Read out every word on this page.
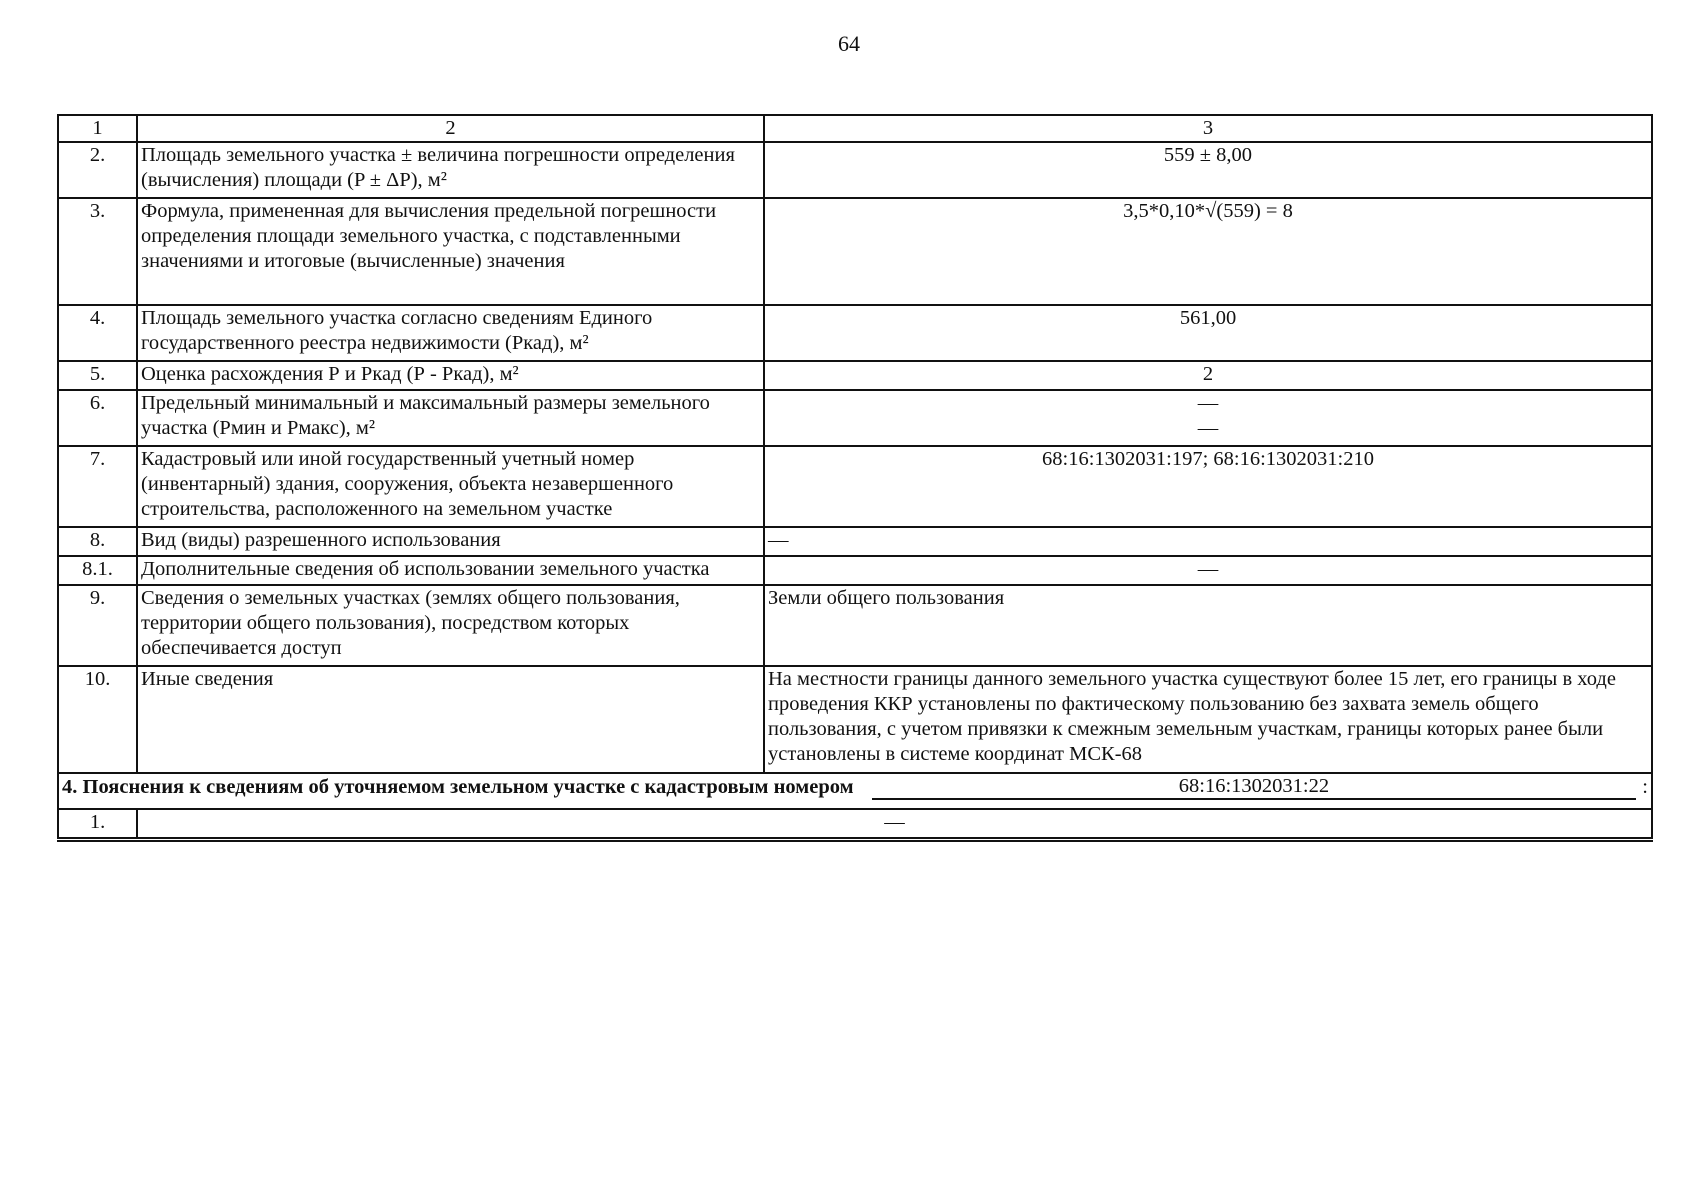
64
1	2	3
2.	Площадь земельного участка ± величина погрешности определения (вычисления) площади (P ± ΔP), м²	559 ± 8,00
3.	Формула, примененная для вычисления предельной погрешности определения площади земельного участка, с подставленными значениями и итоговые (вычисленные) значения	3,5*0,10*√(559) = 8
4.	Площадь земельного участка согласно сведениям Единого государственного реестра недвижимости (Ркад), м²	561,00
5.	Оценка расхождения Р и Ркад (Р - Ркад), м²	2
6.	Предельный минимальный и максимальный размеры земельного участка (Рмин и Рмакс), м²	—
—

7.	Кадастровый или иной государственный учетный номер (инвентарный) здания, сооружения, объекта незавершенного строительства, расположенного на земельном участке	68:16:1302031:197; 68:16:1302031:210
8.	Вид (виды) разрешенного использования	—
8.1.	Дополнительные сведения об использовании земельного участка	—
9.	Сведения о земельных участках (землях общего пользования, территории общего пользования), посредством которых обеспечивается доступ	Земли общего пользования
10.	Иные сведения	На местности границы данного земельного участка существуют более 15 лет, его границы в ходе проведения ККР установлены по фактическому пользованию без захвата земель общего пользования, с учетом привязки к смежным земельным участкам, границы которых ранее были установлены в системе координат МСК-68

4. Пояснения к сведениям об уточняемом земельном участке с кадастровым номером 68:16:1302031:22 :		

1.	—	
